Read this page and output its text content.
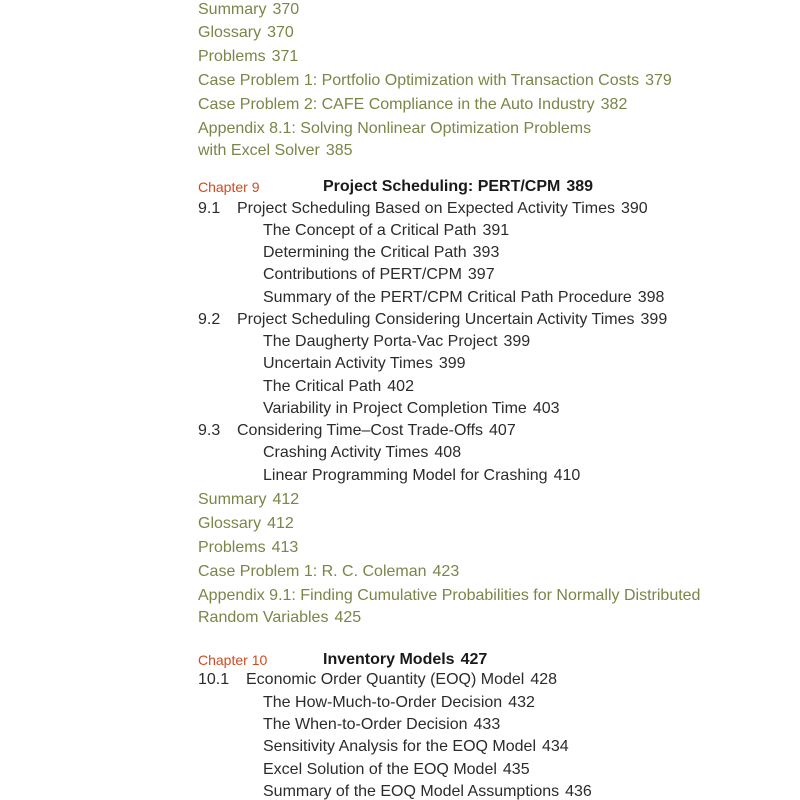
Summary 370
Glossary 370
Problems 371
Case Problem 1: Portfolio Optimization with Transaction Costs 379
Case Problem 2: CAFE Compliance in the Auto Industry 382
Appendix 8.1: Solving Nonlinear Optimization Problems
with Excel Solver 385
Chapter 9	Project Scheduling: PERT/CPM 389
9.1 Project Scheduling Based on Expected Activity Times 390
The Concept of a Critical Path 391
Determining the Critical Path 393
Contributions of PERT/CPM 397
Summary of the PERT/CPM Critical Path Procedure 398
9.2 Project Scheduling Considering Uncertain Activity Times 399
The Daugherty Porta-Vac Project 399
Uncertain Activity Times 399
The Critical Path 402
Variability in Project Completion Time 403
9.3 Considering Time–Cost Trade-Offs 407
Crashing Activity Times 408
Linear Programming Model for Crashing 410
Summary 412
Glossary 412
Problems 413
Case Problem 1: R. C. Coleman 423
Appendix 9.1: Finding Cumulative Probabilities for Normally Distributed
Random Variables 425
Chapter 10	Inventory Models 427
10.1 Economic Order Quantity (EOQ) Model 428
The How-Much-to-Order Decision 432
The When-to-Order Decision 433
Sensitivity Analysis for the EOQ Model 434
Excel Solution of the EOQ Model 435
Summary of the EOQ Model Assumptions 436
